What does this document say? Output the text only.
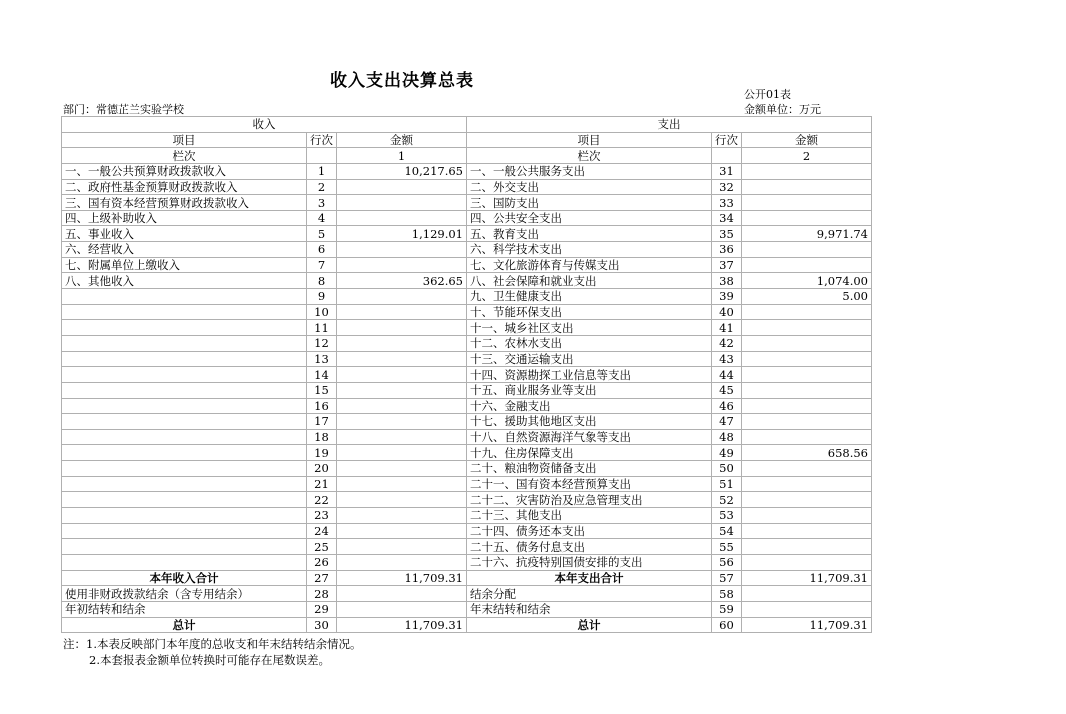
收入支出决算总表
公开01表
部门：常德芷兰实验学校	金额单位：万元
收入			支出		
项目	行次	金额	项目	行次	金额
栏次		1	栏次		2
一、一般公共预算财政拨款收入	1	10,217.65	一、一般公共服务支出	31	
二、政府性基金预算财政拨款收入	2		二、外交支出	32	
三、国有资本经营预算财政拨款收入	3		三、国防支出	33	
四、上级补助收入	4		四、公共安全支出	34	
五、事业收入	5	1,129.01	五、教育支出	35	9,971.74
六、经营收入	6		六、科学技术支出	36	
七、附属单位上缴收入	7		七、文化旅游体育与传媒支出	37	
八、其他收入	8	362.65	八、社会保障和就业支出	38	1,074.00
	9		九、卫生健康支出	39	5.00
	10		十、节能环保支出	40	
	11		十一、城乡社区支出	41	
	12		十二、农林水支出	42	
	13		十三、交通运输支出	43	
	14		十四、资源勘探工业信息等支出	44	
	15		十五、商业服务业等支出	45	
	16		十六、金融支出	46	
	17		十七、援助其他地区支出	47	
	18		十八、自然资源海洋气象等支出	48	
	19		十九、住房保障支出	49	658.56
	20		二十、粮油物资储备支出	50	
	21		二十一、国有资本经营预算支出	51	
	22		二十二、灾害防治及应急管理支出	52	
	23		二十三、其他支出	53	
	24		二十四、债务还本支出	54	
	25		二十五、债务付息支出	55	
	26		二十六、抗疫特别国债安排的支出	56	
本年收入合计	27	11,709.31	本年支出合计	57	11,709.31
使用非财政拨款结余（含专用结余）	28		结余分配	58	
年初结转和结余	29		年末结转和结余	59	
总计	30	11,709.31	总计	60	11,709.31
注：1.本表反映部门本年度的总收支和年末结转结余情况。
2.本套报表金额单位转换时可能存在尾数误差。
